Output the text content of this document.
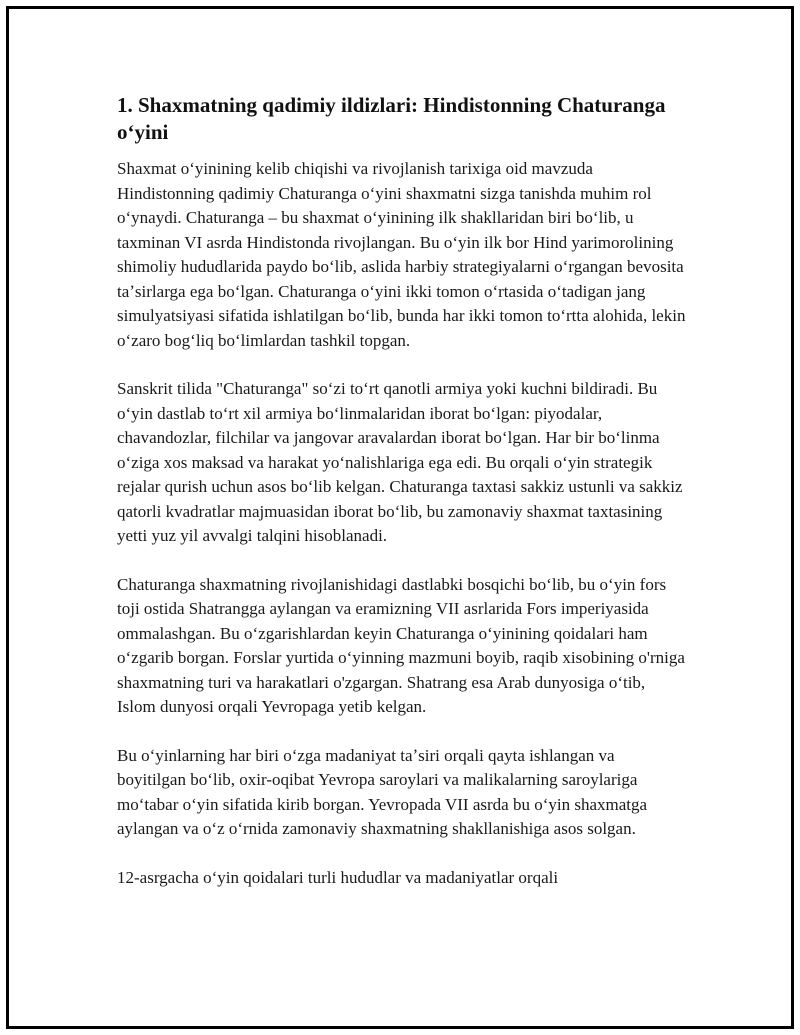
1. Shaxmatning qadimiy ildizlari: Hindistonning Chaturanga oʻyini

Shaxmat oʻyinining kelib chiqishi va rivojlanish tarixiga oid mavzuda Hindistonning qadimiy Chaturanga oʻyini shaxmatni sizga tanishda muhim rol oʻynaydi. Chaturanga – bu shaxmat oʻyinining ilk shakllaridan biri boʻlib, u taxminan VI asrda Hindistonda rivojlangan. Bu oʻyin ilk bor Hind yarimorolining shimoliy hududlarida paydo boʻlib, aslida harbiy strategiyalarni oʻrgangan bevosita taʼsirlarga ega boʻlgan. Chaturanga oʻyini ikki tomon oʻrtasida oʻtadigan jang simulyatsiyasi sifatida ishlatilgan boʻlib, bunda har ikki tomon toʻrtta alohida, lekin oʻzaro bogʻliq boʻlimlardan tashkil topgan.

Sanskrit tilida "Chaturanga" soʻzi toʻrt qanotli armiya yoki kuchni bildiradi. Bu oʻyin dastlab toʻrt xil armiya boʻlinmalaridan iborat boʻlgan: piyodalar, chavandozlar, filchilar va jangovar aravalardan iborat boʻlgan. Har bir boʻlinma oʻziga xos maksad va harakat yoʻnalishlariga ega edi. Bu orqali oʻyin strategik rejalar qurish uchun asos boʻlib kelgan. Chaturanga taxtasi sakkiz ustunli va sakkiz qatorli kvadratlar majmuasidan iborat boʻlib, bu zamonaviy shaxmat taxtasining yetti yuz yil avvalgi talqini hisoblanadi.

Chaturanga shaxmatning rivojlanishidagi dastlabki bosqichi boʻlib, bu oʻyin fors toji ostida Shatrangga aylangan va eramizning VII asrlarida Fors imperiyasida ommalashgan. Bu oʻzgarishlardan keyin Chaturanga oʻyinining qoidalari ham oʻzgarib borgan. Forslar yurtida oʻyinning mazmuni boyib, raqib xisobining o'rniga shaxmatning turi va harakatlari o'zgargan. Shatrang esa Arab dunyosiga oʻtib, Islom dunyosi orqali Yevropaga yetib kelgan.

Bu oʻyinlarning har biri oʻzga madaniyat taʼsiri orqali qayta ishlangan va boyitilgan boʻlib, oxir-oqibat Yevropa saroylari va malikalarning saroylariga moʻtabar oʻyin sifatida kirib borgan. Yevropada VII asrda bu oʻyin shaxmatga aylangan va oʻz oʻrnida zamonaviy shaxmatning shakllanishiga asos solgan.

12-asrgacha oʻyin qoidalari turli hududlar va madaniyatlar orqali
